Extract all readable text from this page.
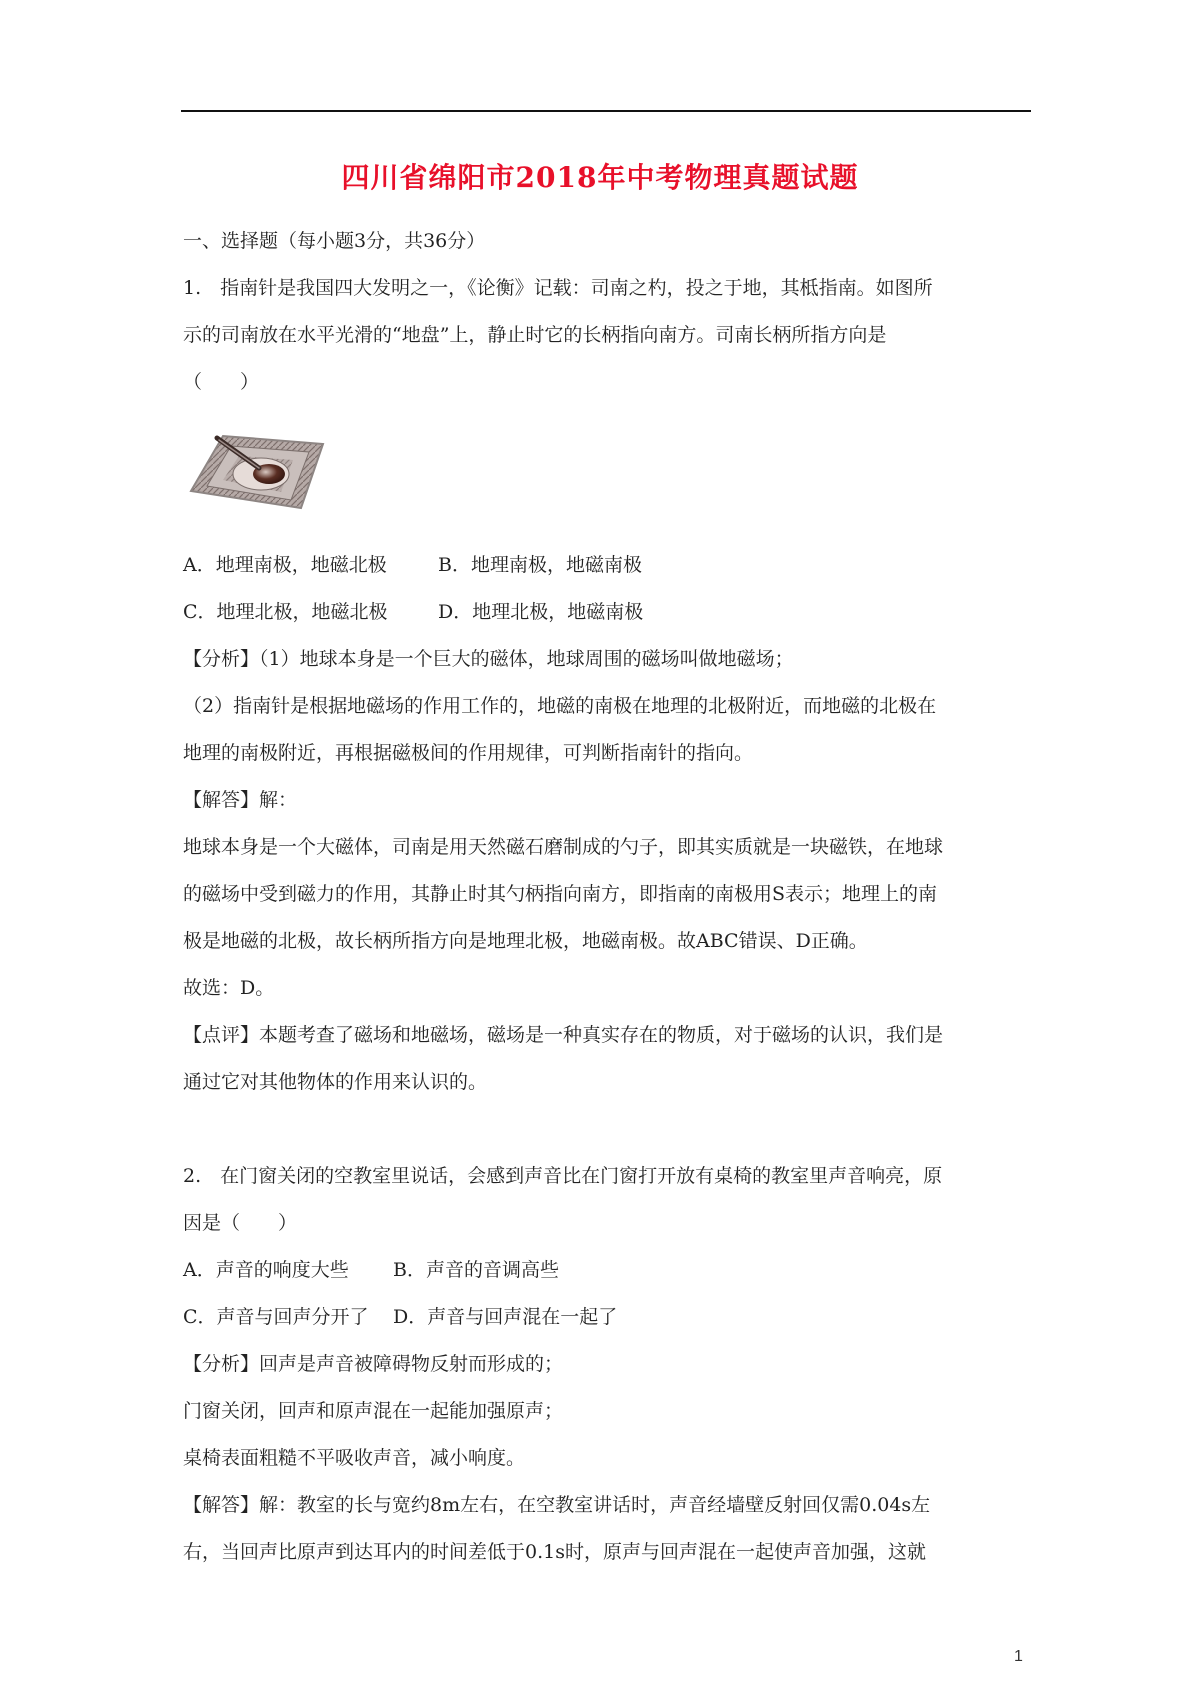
四川省绵阳市2018年中考物理真题试题
一、选择题（每小题3分，共36分）
1.　指南针是我国四大发明之一，《论衡》记载：司南之杓，投之于地，其柢指南。如图所
示的司南放在水平光滑的“地盘”上，静止时它的长柄指向南方。司南长柄所指方向是
（　　）
A．地理南极，地磁北极	B．地理南极，地磁南极
C．地理北极，地磁北极	D．地理北极，地磁南极
【分析】（1）地球本身是一个巨大的磁体，地球周围的磁场叫做地磁场；
（2）指南针是根据地磁场的作用工作的，地磁的南极在地理的北极附近，而地磁的北极在
地理的南极附近，再根据磁极间的作用规律，可判断指南针的指向。
【解答】解：
地球本身是一个大磁体，司南是用天然磁石磨制成的勺子，即其实质就是一块磁铁，在地球
的磁场中受到磁力的作用，其静止时其勺柄指向南方，即指南的南极用S表示；地理上的南
极是地磁的北极，故长柄所指方向是地理北极，地磁南极。故ABC错误、D正确。
故选：D。
【点评】本题考查了磁场和地磁场，磁场是一种真实存在的物质，对于磁场的认识，我们是
通过它对其他物体的作用来认识的。
2.　在门窗关闭的空教室里说话，会感到声音比在门窗打开放有桌椅的教室里声音响亮，原
因是（　　）
A．声音的响度大些	B．声音的音调高些
C．声音与回声分开了	D．声音与回声混在一起了
【分析】回声是声音被障碍物反射而形成的；
门窗关闭，回声和原声混在一起能加强原声；
桌椅表面粗糙不平吸收声音，减小响度。
【解答】解：教室的长与宽约8m左右，在空教室讲话时，声音经墙壁反射回仅需0.04s左
右，当回声比原声到达耳内的时间差低于0.1s时，原声与回声混在一起使声音加强，这就
1
